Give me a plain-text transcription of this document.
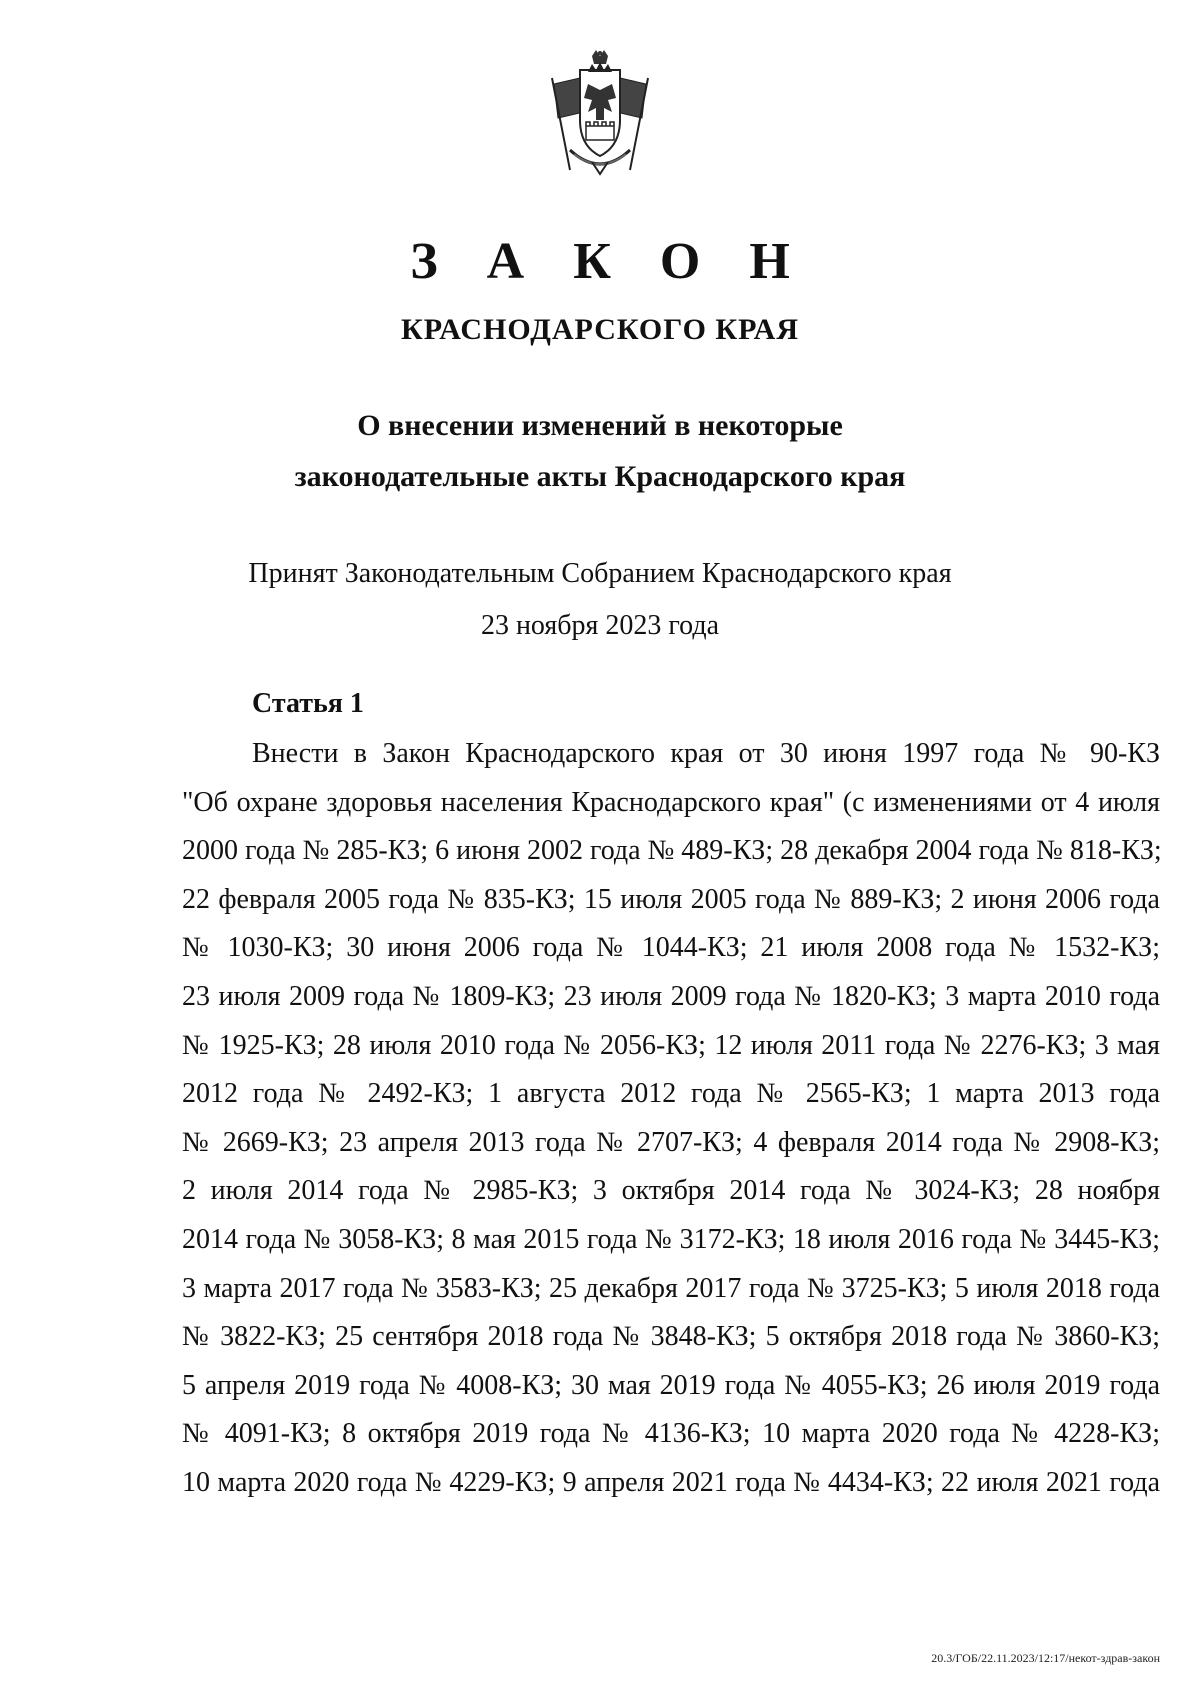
З А К О Н
КРАСНОДАРСКОГО КРАЯ
О внесении изменений в некоторые
законодательные акты Краснодарского края
Принят Законодательным Собранием Краснодарского края
23 ноября 2023 года
Статья 1
Внести в Закон Краснодарского края от 30 июня 1997 года № 90-КЗ
"Об охране здоровья населения Краснодарского края" (с изменениями от 4 июля
2000 года № 285-КЗ; 6 июня 2002 года № 489-КЗ; 28 декабря 2004 года № 818-КЗ;
22 февраля 2005 года № 835-КЗ; 15 июля 2005 года № 889-КЗ; 2 июня 2006 года
№ 1030-КЗ; 30 июня 2006 года № 1044-КЗ; 21 июля 2008 года № 1532-КЗ;
23 июля 2009 года № 1809-КЗ; 23 июля 2009 года № 1820-КЗ; 3 марта 2010 года
№ 1925-КЗ; 28 июля 2010 года № 2056-КЗ; 12 июля 2011 года № 2276-КЗ; 3 мая
2012 года № 2492-КЗ; 1 августа 2012 года № 2565-КЗ; 1 марта 2013 года
№ 2669-КЗ; 23 апреля 2013 года № 2707-КЗ; 4 февраля 2014 года № 2908-КЗ;
2 июля 2014 года № 2985-КЗ; 3 октября 2014 года № 3024-КЗ; 28 ноября
2014 года № 3058-КЗ; 8 мая 2015 года № 3172-КЗ; 18 июля 2016 года № 3445-КЗ;
3 марта 2017 года № 3583-КЗ; 25 декабря 2017 года № 3725-КЗ; 5 июля 2018 года
№ 3822-КЗ; 25 сентября 2018 года № 3848-КЗ; 5 октября 2018 года № 3860-КЗ;
5 апреля 2019 года № 4008-КЗ; 30 мая 2019 года № 4055-КЗ; 26 июля 2019 года
№ 4091-КЗ; 8 октября 2019 года № 4136-КЗ; 10 марта 2020 года № 4228-КЗ;
10 марта 2020 года № 4229-КЗ; 9 апреля 2021 года № 4434-КЗ; 22 июля 2021 года
20.3/ГОБ/22.11.2023/12:17/некот-здрав-закон
